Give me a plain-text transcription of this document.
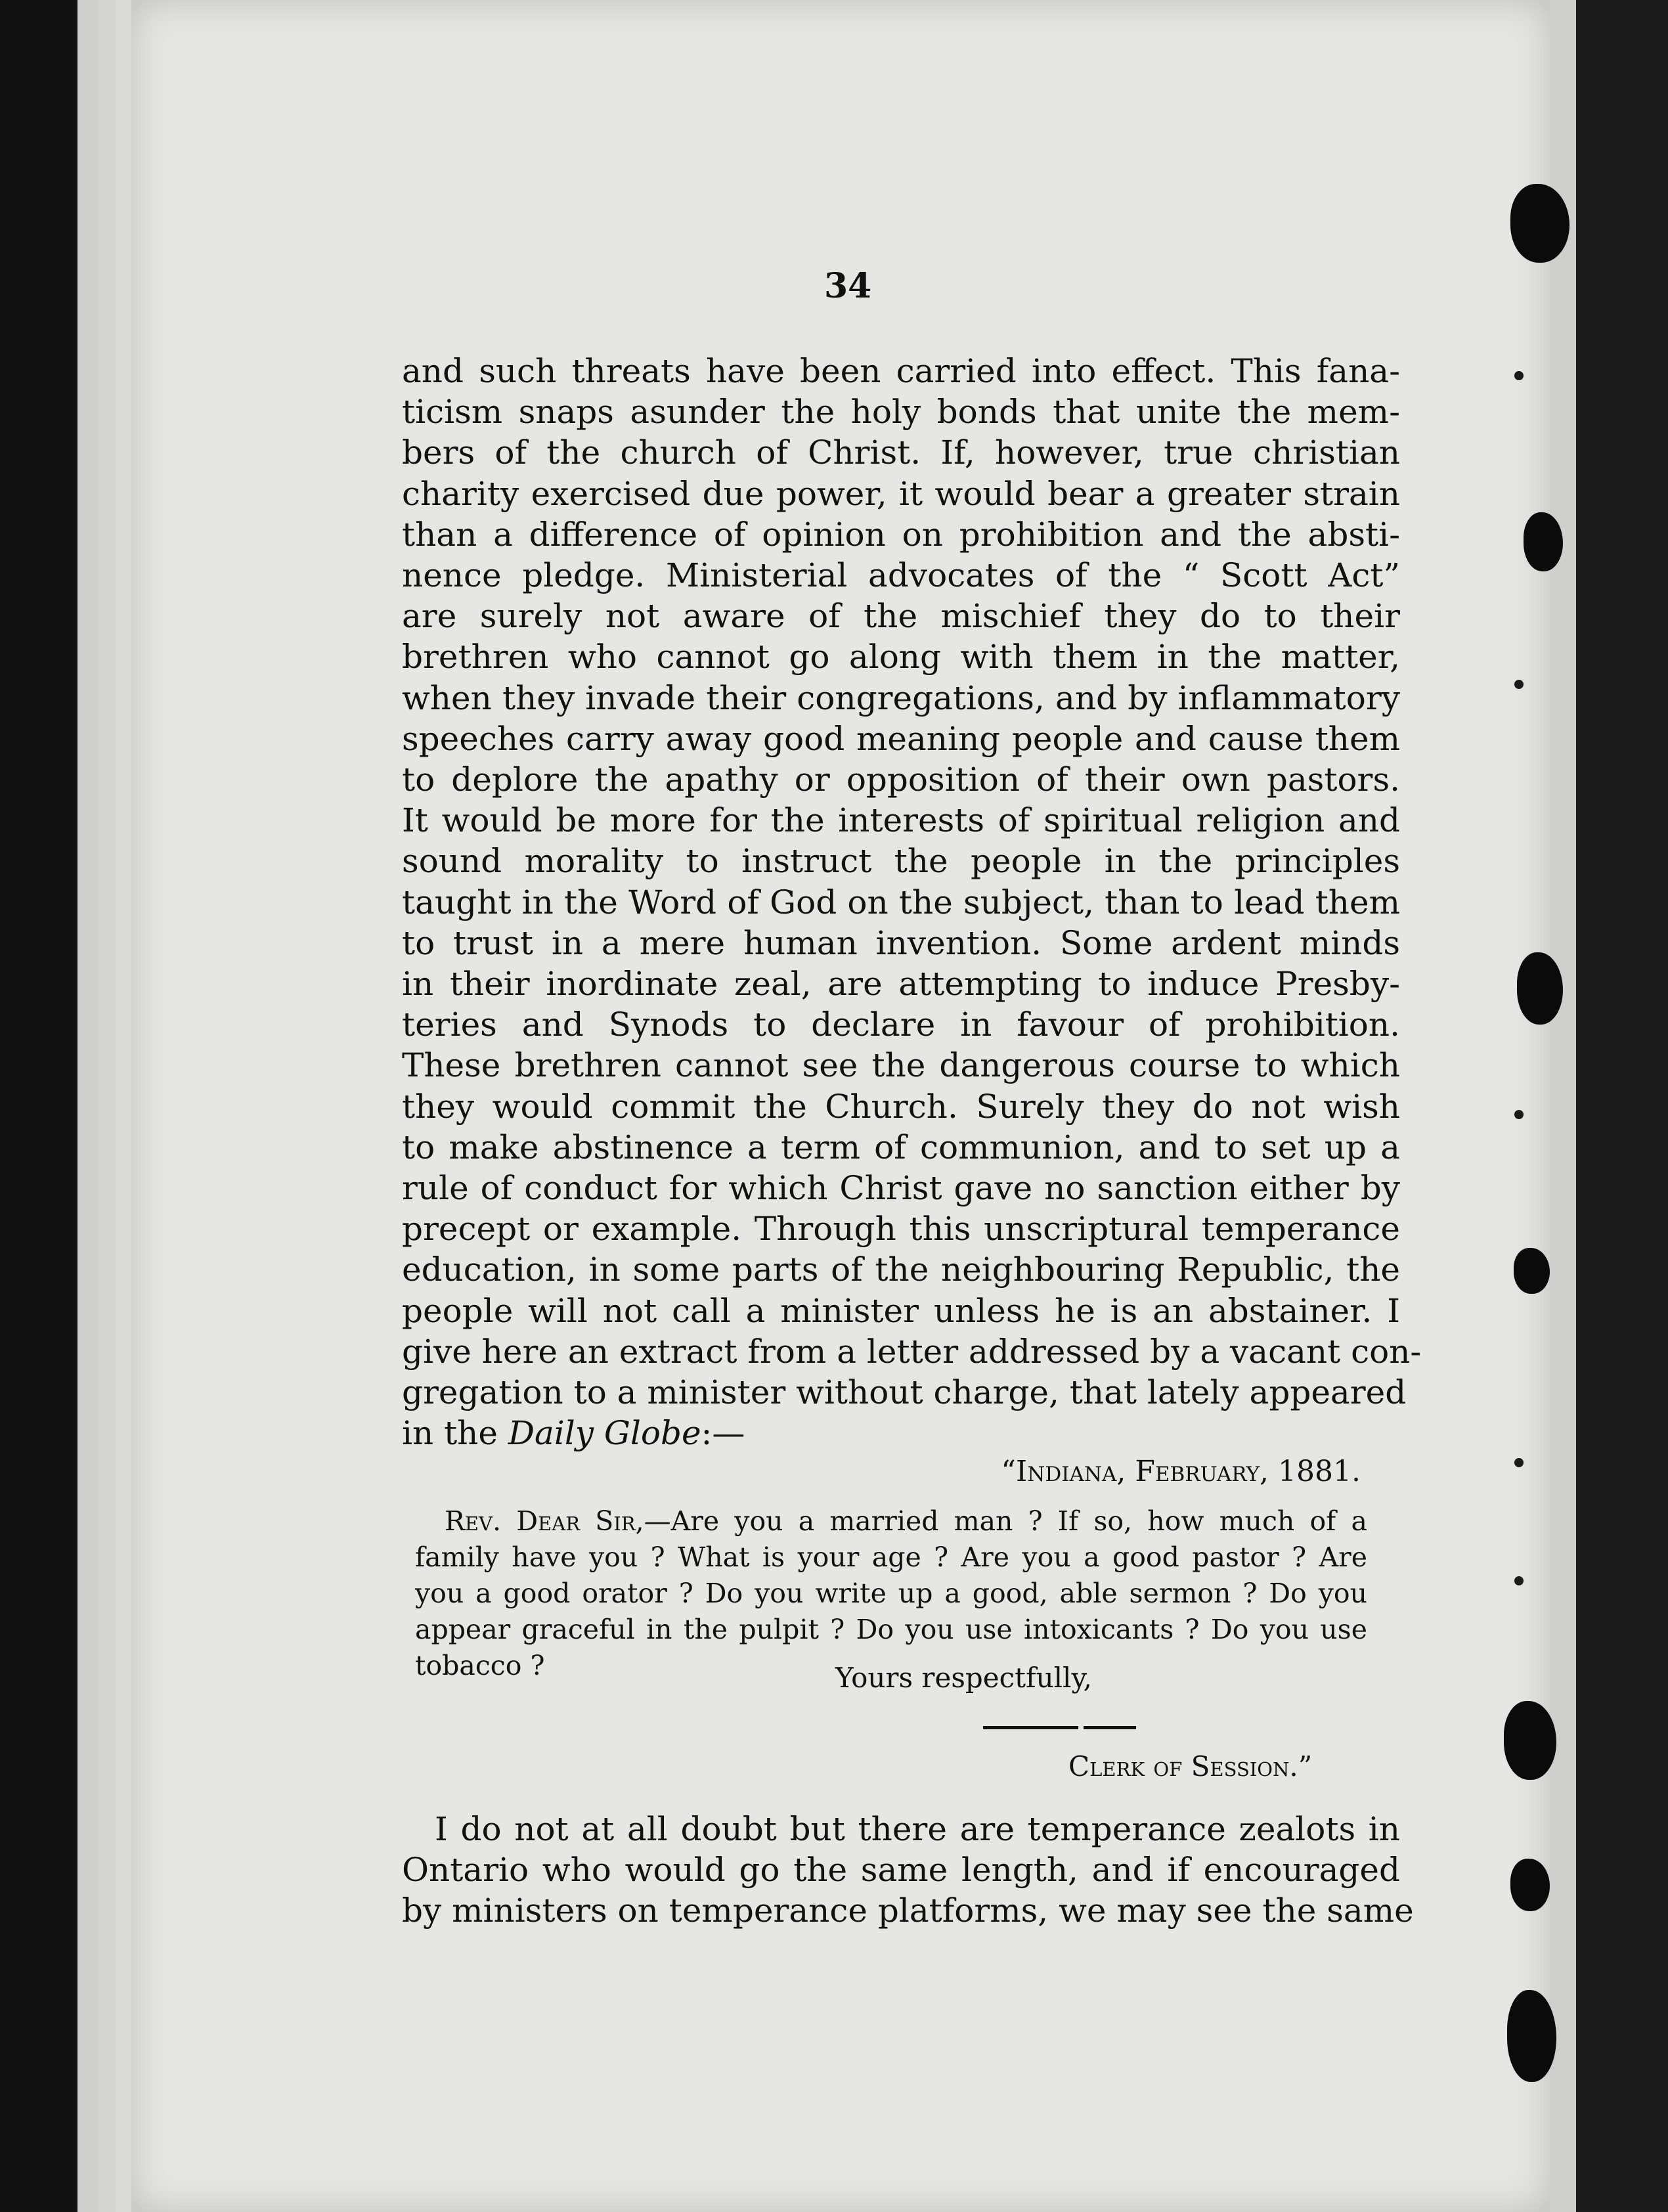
34
and such threats have been carried into effect. This fana-
ticism snaps asunder the holy bonds that unite the mem-
bers of the church of Christ. If, however, true christian
charity exercised due power, it would bear a greater strain
than a difference of opinion on prohibition and the absti-
nence pledge. Ministerial advocates of the “ Scott Act”
are surely not aware of the mischief they do to their
brethren who cannot go along with them in the matter,
when they invade their congregations, and by inflammatory
speeches carry away good meaning people and cause them
to deplore the apathy or opposition of their own pastors.
It would be more for the interests of spiritual religion and
sound morality to instruct the people in the principles
taught in the Word of God on the subject, than to lead them
to trust in a mere human invention. Some ardent minds
in their inordinate zeal, are attempting to induce Presby-
teries and Synods to declare in favour of prohibition.
These brethren cannot see the dangerous course to which
they would commit the Church. Surely they do not wish
to make abstinence a term of communion, and to set up a
rule of conduct for which Christ gave no sanction either by
precept or example. Through this unscriptural temperance
education, in some parts of the neighbouring Republic, the
people will not call a minister unless he is an abstainer. I
give here an extract from a letter addressed by a vacant con-
gregation to a minister without charge, that lately appeared
in the Daily Globe:—
“Indiana, February, 1881.
Rev. Dear Sir,—Are you a married man ? If so, how much of a
family have you ? What is your age ? Are you a good pastor ? Are
you a good orator ? Do you write up a good, able sermon ? Do you
appear graceful in the pulpit ? Do you use intoxicants ? Do you use
tobacco ?	Yours respectfully,
Clerk of Session.”
I do not at all doubt but there are temperance zealots in
Ontario who would go the same length, and if encouraged
by ministers on temperance platforms, we may see the same
